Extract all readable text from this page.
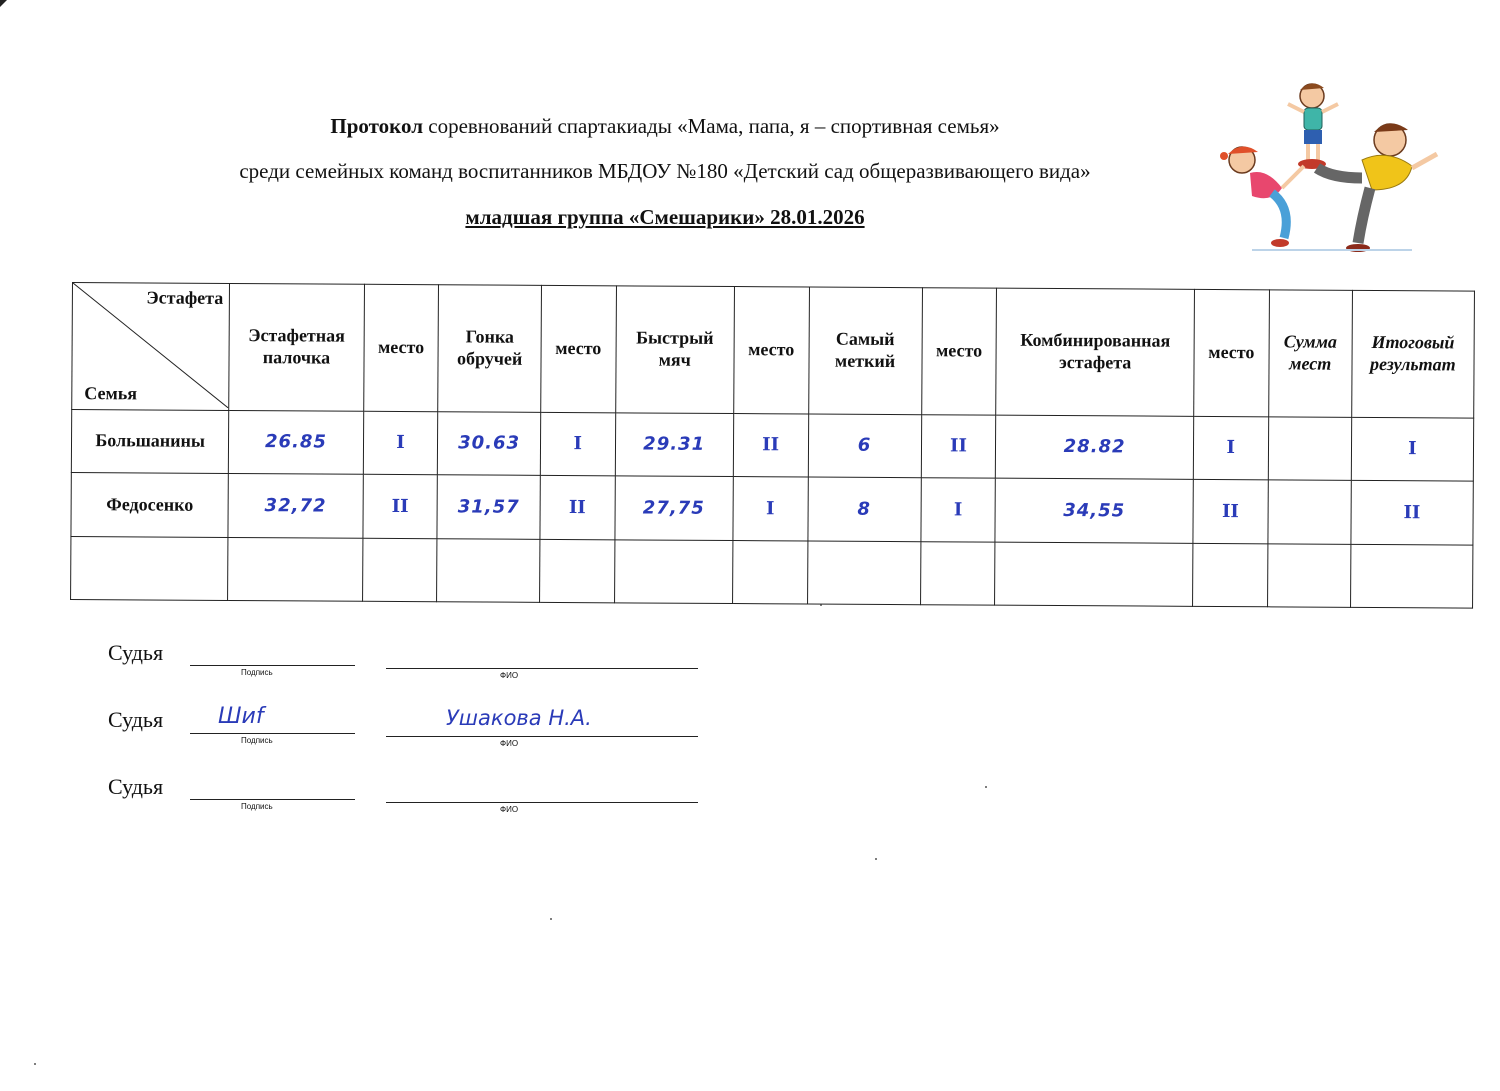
Протокол соревнований спартакиады «Мама, папа, я – спортивная семья»
среди семейных команд воспитанников МБДОУ №180 «Детский сад общеразвивающего вида»
младшая группа «Смешарики» 28.01.2026
Эстафета
Семья	Эстафетная палочка	место	Гонка обручей	место	Быстрый мяч	место	Самый меткий	место	Комбинированная эстафета	место	Сумма мест	Итоговый результат
Большанины	26.85	I	30.63	I	29.31	II	6	II	28.82	I		I
Федосенко	32,72	II	31,57	II	27,75	I	8	I	34,55	II		II

Судья
Подпись	ФИО
Судья Шиf
Подпись
Ушакова Н.А.
ФИО
Судья
Подпись	ФИО
